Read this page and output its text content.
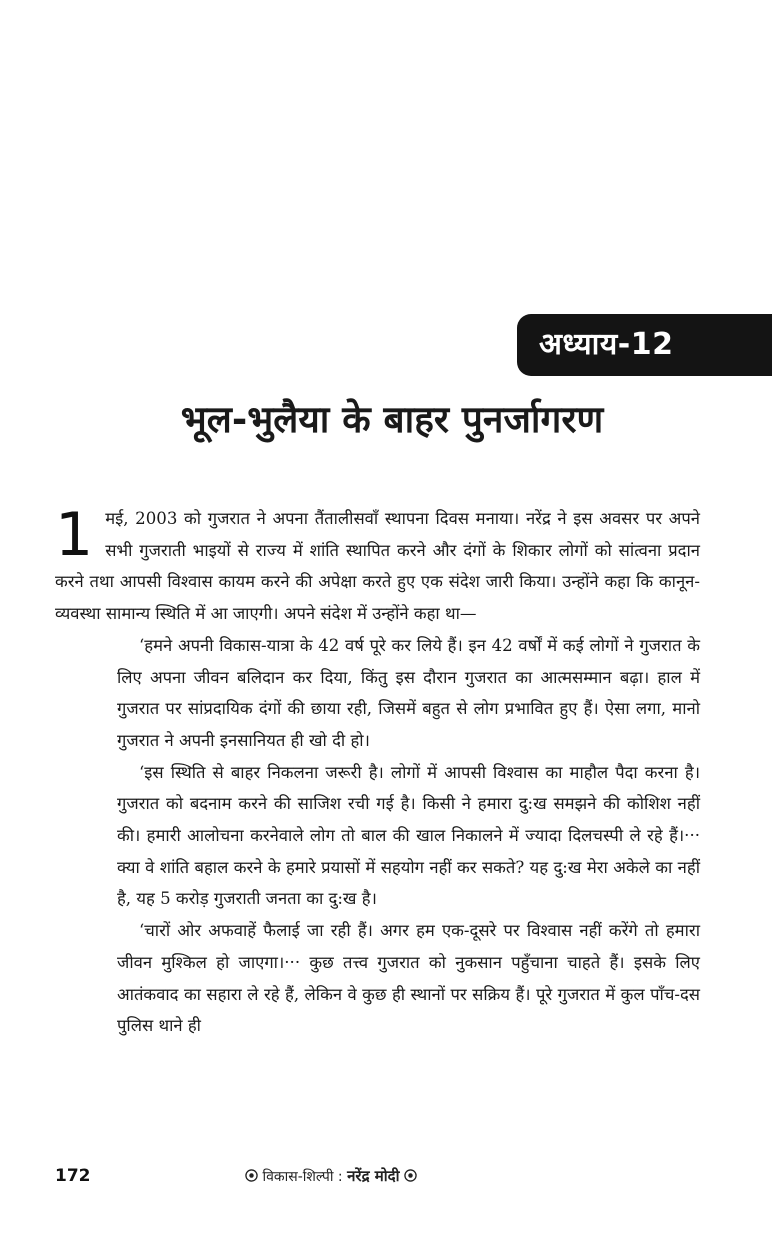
अध्याय-12
भूल-भुलैया के बाहर पुनर्जागरण

1 मई, 2003 को गुजरात ने अपना तैंतालीसवाँ स्थापना दिवस मनाया। नरेंद्र ने इस अवसर पर अपने सभी गुजराती भाइयों से राज्य में शांति स्थापित करने और दंगों के शिकार लोगों को सांत्वना प्रदान करने तथा आपसी विश्वास कायम करने की अपेक्षा करते हुए एक संदेश जारी किया। उन्होंने कहा कि कानून-व्यवस्था सामान्य स्थिति में आ जाएगी। अपने संदेश में उन्होंने कहा था—

‘हमने अपनी विकास-यात्रा के 42 वर्ष पूरे कर लिये हैं। इन 42 वर्षों में कई लोगों ने गुजरात के लिए अपना जीवन बलिदान कर दिया, किंतु इस दौरान गुजरात का आत्मसम्मान बढ़ा। हाल में गुजरात पर सांप्रदायिक दंगों की छाया रही, जिसमें बहुत से लोग प्रभावित हुए हैं। ऐसा लगा, मानो गुजरात ने अपनी इनसानियत ही खो दी हो।

‘इस स्थिति से बाहर निकलना जरूरी है। लोगों में आपसी विश्वास का माहौल पैदा करना है। गुजरात को बदनाम करने की साजिश रची गई है। किसी ने हमारा दु:ख समझने की कोशिश नहीं की। हमारी आलोचना करनेवाले लोग तो बाल की खाल निकालने में ज्यादा दिलचस्पी ले रहे हैं।··· क्या वे शांति बहाल करने के हमारे प्रयासों में सहयोग नहीं कर सकते? यह दु:ख मेरा अकेले का नहीं है, यह 5 करोड़ गुजराती जनता का दु:ख है।

‘चारों ओर अफवाहें फैलाई जा रही हैं। अगर हम एक-दूसरे पर विश्वास नहीं करेंगे तो हमारा जीवन मुश्किल हो जाएगा।··· कुछ तत्त्व गुजरात को नुकसान पहुँचाना चाहते हैं। इसके लिए आतंकवाद का सहारा ले रहे हैं, लेकिन वे कुछ ही स्थानों पर सक्रिय हैं। पूरे गुजरात में कुल पाँच-दस पुलिस थाने ही

172	विकास-शिल्पी : नरेंद्र मोदी
